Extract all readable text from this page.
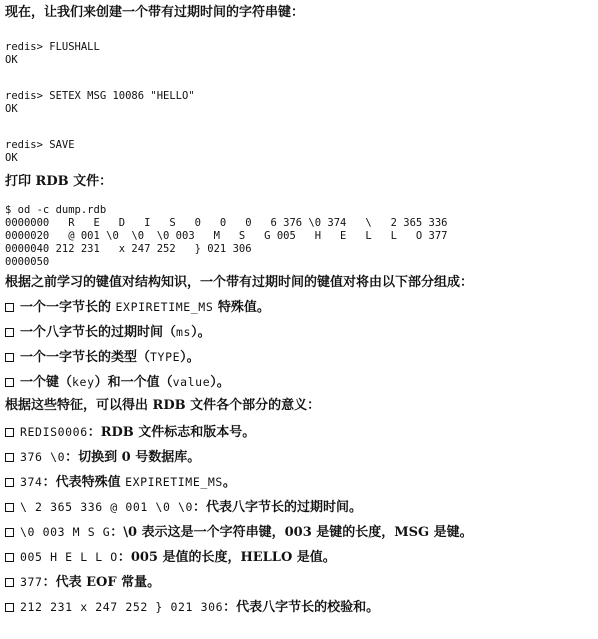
现在，让我们来创建一个带有过期时间的字符串键：
redis> FLUSHALL
OK
redis> SETEX MSG 10086 "HELLO"
OK
redis> SAVE
OK
打印 RDB 文件：
$ od -c dump.rdb
0000000   R   E   D   I   S   0   0   0   6 376 \0 374   \   2 365 336
0000020   @ 001 \0  \0  \0 003   M   S   G 005   H   E   L   L   O 377
0000040 212 231   x 247 252   } 021 306
0000050
根据之前学习的键值对结构知识，一个带有过期时间的键值对将由以下部分组成：
一个一字节长的 EXPIRETIME_MS 特殊值。
一个八字节长的过期时间（ms）。
一个一字节长的类型（TYPE）。
一个键（key）和一个值（value）。
根据这些特征，可以得出 RDB 文件各个部分的意义：
REDIS0006：RDB 文件标志和版本号。
376 \0：切换到 0 号数据库。
374：代表特殊值 EXPIRETIME_MS。
\ 2 365 336 @ 001 \0 \0：代表八字节长的过期时间。
\0 003 M S G：\0 表示这是一个字符串键，003 是键的长度，MSG 是键。
005 H E L L O：005 是值的长度，HELLO 是值。
377：代表 EOF 常量。
212 231 x 247 252 } 021 306：代表八字节长的校验和。
